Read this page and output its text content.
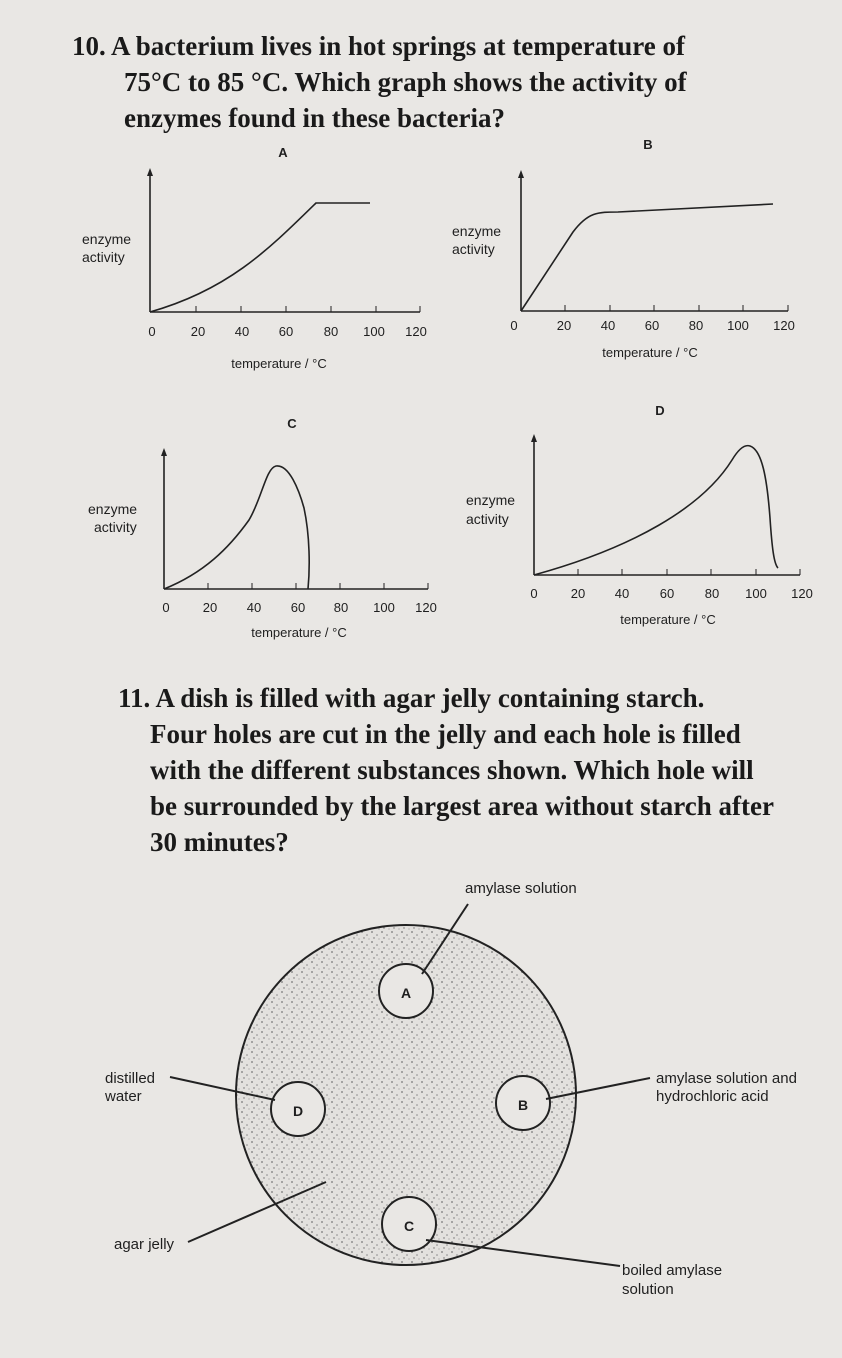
10. A bacterium lives in hot springs at temperature of
75°C to 85 °C. Which graph shows the activity of
enzymes found in these bacteria?
A
enzyme
activity
0	20 40 60 80 100 120
temperature / °C
B
enzyme
activity
0	20 40 60 80 100 120
temperature / °C
C
enzyme
activity
0	20 40 60 80 100 120
temperature / °C
D
enzyme
activity
0	20 40 60 80 100 120
temperature / °C
11. A dish is filled with agar jelly containing starch.
Four holes are cut in the jelly and each hole is filled
with the different substances shown. Which hole will
be surrounded by the largest area without starch after
30 minutes?
A
B
C
D
amylase solution
distilled
water
amylase solution and
hydrochloric acid
agar jelly
boiled amylase
solution
